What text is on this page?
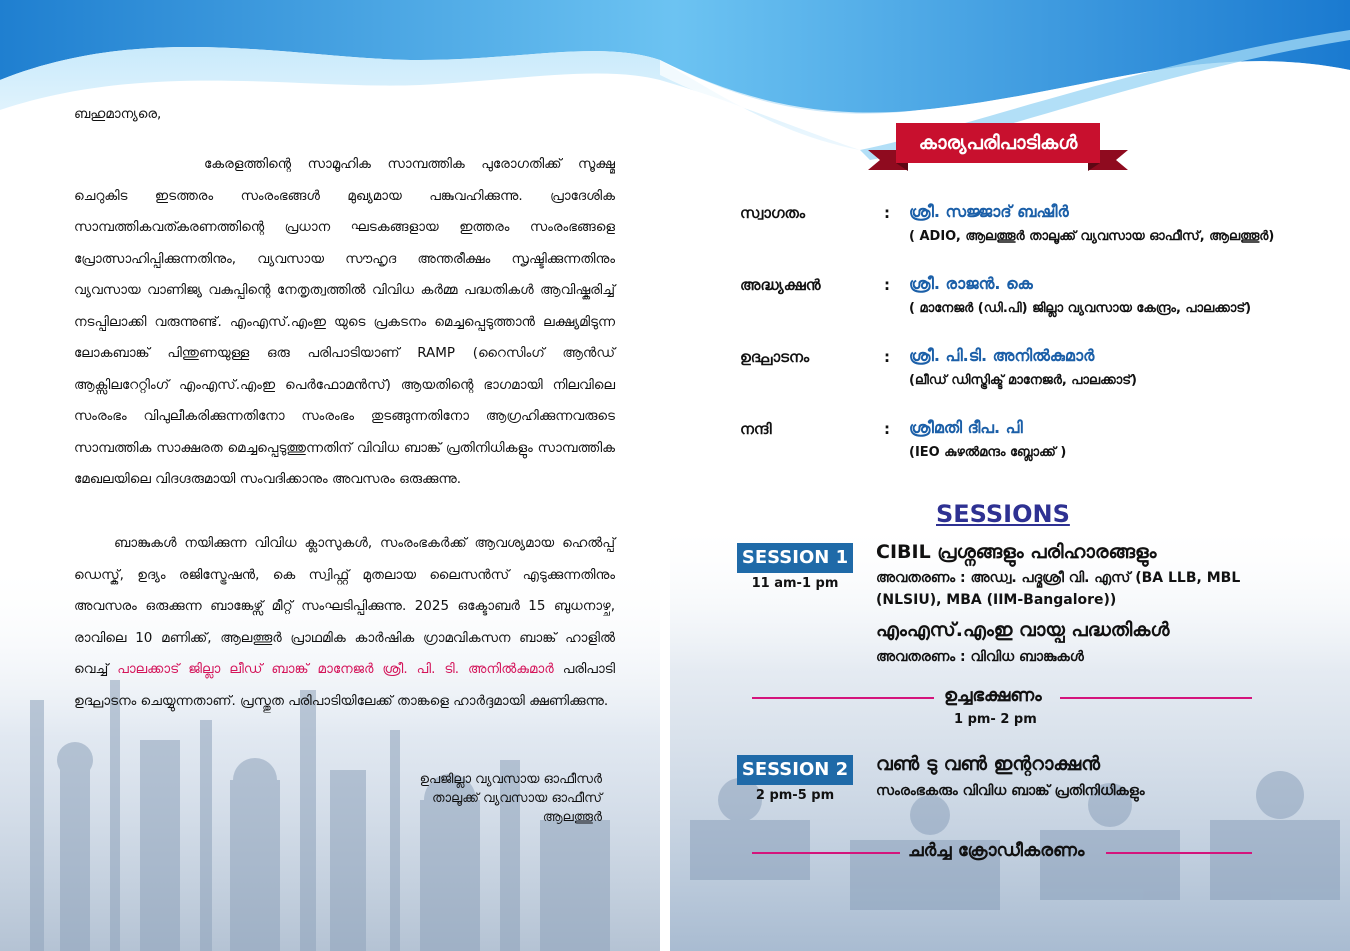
ബഹുമാന്യരെ,
കേരളത്തിന്റെ സാമൂഹിക സാമ്പത്തിക പുരോഗതിക്ക് സൂക്ഷ്മ ചെറുകിട ഇടത്തരം സംരംഭങ്ങൾ മുഖ്യമായ പങ്കുവഹിക്കുന്നു. പ്രാദേശിക സാമ്പത്തികവത്കരണത്തിന്റെ പ്രധാന ഘടകങ്ങളായ ഇത്തരം സംരംഭങ്ങളെ പ്രോത്സാഹിപ്പിക്കുന്നതിനും, വ്യവസായ സൗഹൃദ അന്തരീക്ഷം സൃഷ്ടിക്കുന്നതിനും വ്യവസായ വാണിജ്യ വകുപ്പിന്റെ നേതൃത്വത്തിൽ വിവിധ കർമ്മ പദ്ധതികൾ ആവിഷ്കരിച്ച് നടപ്പിലാക്കി വരുന്നുണ്ട്. എംഎസ്.എംഇ യുടെ പ്രകടനം മെച്ചപ്പെടുത്താൻ ലക്ഷ്യമിടുന്ന ലോകബാങ്ക് പിന്തുണയുള്ള ഒരു പരിപാടിയാണ് RAMP (റൈസിംഗ് ആൻഡ് ആക്സിലറേറ്റിംഗ് എംഎസ്.എംഇ പെർഫോമൻസ്) ആയതിന്റെ ഭാഗമായി നിലവിലെ സംരംഭം വിപുലീകരിക്കുന്നതിനോ സംരംഭം തുടങ്ങുന്നതിനോ ആഗ്രഹിക്കുന്നവരുടെ സാമ്പത്തിക സാക്ഷരത മെച്ചപ്പെടുത്തുന്നതിന് വിവിധ ബാങ്ക് പ്രതിനിധികളും സാമ്പത്തിക മേഖലയിലെ വിദഗ്ദരുമായി സംവദിക്കാനും അവസരം ഒരുക്കുന്നു.
ബാങ്കുകൾ നയിക്കുന്ന വിവിധ ക്ലാസുകൾ, സംരംഭകർക്ക് ആവശ്യമായ ഹെൽപ്പ് ഡെസ്ക്, ഉദ്യം രജിസ്ട്രേഷൻ, കെ സ്വിഫ്റ്റ് മുതലായ ലൈസൻസ് എടുക്കുന്നതിനും അവസരം ഒരുക്കുന്ന ബാങ്കേഴ്സ് മീറ്റ് സംഘടിപ്പിക്കുന്നു. 2025 ഒക്ടോബർ 15 ബുധനാഴ്ച, രാവിലെ 10 മണിക്ക്, ആലത്തൂർ പ്രാഥമിക കാർഷിക ഗ്രാമവികസന ബാങ്ക് ഹാളിൽ വെച്ച് പാലക്കാട് ജില്ലാ ലീഡ് ബാങ്ക് മാനേജർ ശ്രീ. പി. ടി. അനിൽകുമാർ പരിപാടി ഉദ്ഘാടനം ചെയ്യുന്നതാണ്. പ്രസ്തുത പരിപാടിയിലേക്ക് താങ്കളെ ഹാർദ്ദമായി ക്ഷണിക്കുന്നു.
ഉപജില്ലാ വ്യവസായ ഓഫീസർ
താലൂക്ക് വ്യവസായ ഓഫീസ്
ആലത്തൂർ
കാര്യപരിപാടികൾ
സ്വാഗതം	: ശ്രീ. സജ്ജാദ് ബഷീർ
( ADIO, ആലത്തൂർ താലൂക്ക് വ്യവസായ ഓഫീസ്, ആലത്തൂർ)
അദ്ധ്യക്ഷൻ	: ശ്രീ. രാജൻ. കെ
( മാനേജർ (ഡി.പി) ജില്ലാ വ്യവസായ കേന്ദ്രം, പാലക്കാട്)
ഉദ്ഘാടനം	: ശ്രീ. പി.ടി. അനിൽകുമാർ
(ലീഡ് ഡിസ്ട്രിക്ട് മാനേജർ, പാലക്കാട്)
നന്ദി	: ശ്രീമതി ദീപ. പി
(IEO കുഴൽമന്ദം ബ്ലോക്ക് )
SESSIONS
SESSION 1
11 am-1 pm
CIBIL പ്രശ്നങ്ങളും പരിഹാരങ്ങളും
അവതരണം : അഡ്വ. പദ്മശ്രീ വി. എസ് (BA LLB, MBL
(NLSIU), MBA (IIM-Bangalore))
എംഎസ്.എംഇ വായ്പ പദ്ധതികൾ
അവതരണം : വിവിധ ബാങ്കുകൾ
ഉച്ചഭക്ഷണം
1 pm- 2 pm
SESSION 2
2 pm-5 pm
വൺ ടു വൺ ഇന്ററാക്ഷൻ
സംരംഭകരും വിവിധ ബാങ്ക് പ്രതിനിധികളും
ചർച്ച ക്രോഡീകരണം
